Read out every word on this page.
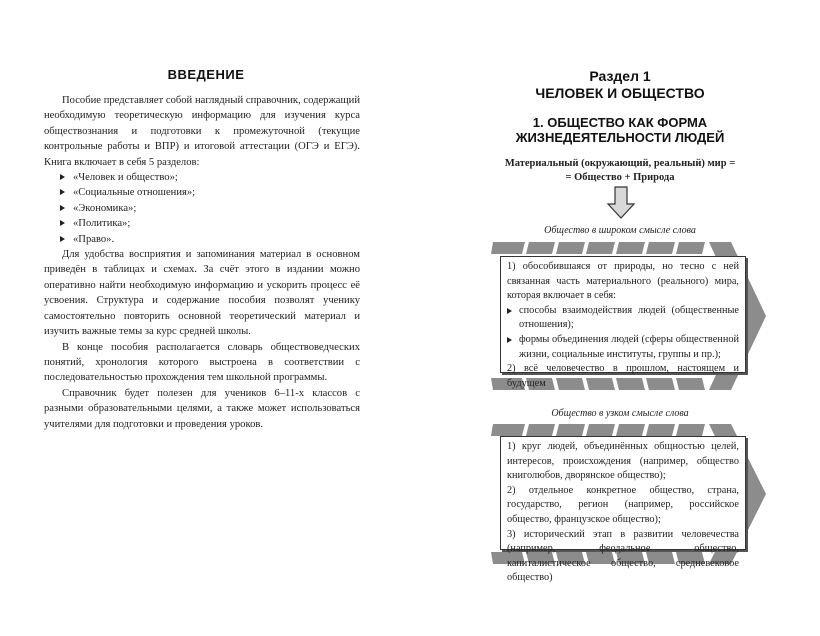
ВВЕДЕНИЕ

Пособие представляет собой наглядный справочник, содержащий необходимую теоретическую информацию для изучения курса обществознания и подготовки к промежуточной (текущие контрольные работы и ВПР) и итоговой аттестации (ОГЭ и ЕГЭ). Книга включает в себя 5 разделов:

«Человек и общество»;
«Социальные отношения»;
«Экономика»;
«Политика»;
«Право».

Для удобства восприятия и запоминания материал в основном приведён в таблицах и схемах. За счёт этого в издании можно оперативно найти необходимую информацию и ускорить процесс её усвоения. Структура и содержание пособия позволят ученику самостоятельно повторить основной теоретический материал и изучить важные темы за курс средней школы.

В конце пособия располагается словарь обществоведческих понятий, хронология которого выстроена в соответствии с последовательностью прохождения тем школьной программы.

Справочник будет полезен для учеников 6–11-х классов с разными образовательными целями, а также может использоваться учителями для подготовки и проведения уроков.

Раздел 1
ЧЕЛОВЕК И ОБЩЕСТВО
1. ОБЩЕСТВО КАК ФОРМА
ЖИЗНЕДЕЯТЕЛЬНОСТИ ЛЮДЕЙ
Материальный (окружающий, реальный) мир =
= Общество + Природа
Общество в широком смысле слова

1) обособившаяся от природы, но тесно с ней связанная часть материального (реального) мира, которая включает в себя:

способы взаимодействия людей (общественные отношения);
формы объединения людей (сферы общественной жизни, социальные институты, группы и пр.);

2) всё человечество в прошлом, настоящем и будущем

Общество в узком смысле слова

1) круг людей, объединённых общностью целей, интересов, происхождения (например, общество книголюбов, дворянское общество);

2) отдельное конкретное общество, страна, государство, регион (например, российское общество, французское общество);

3) исторический этап в развитии человечества (например, феодальное общество, капиталистическое общество, средневековое общество)
